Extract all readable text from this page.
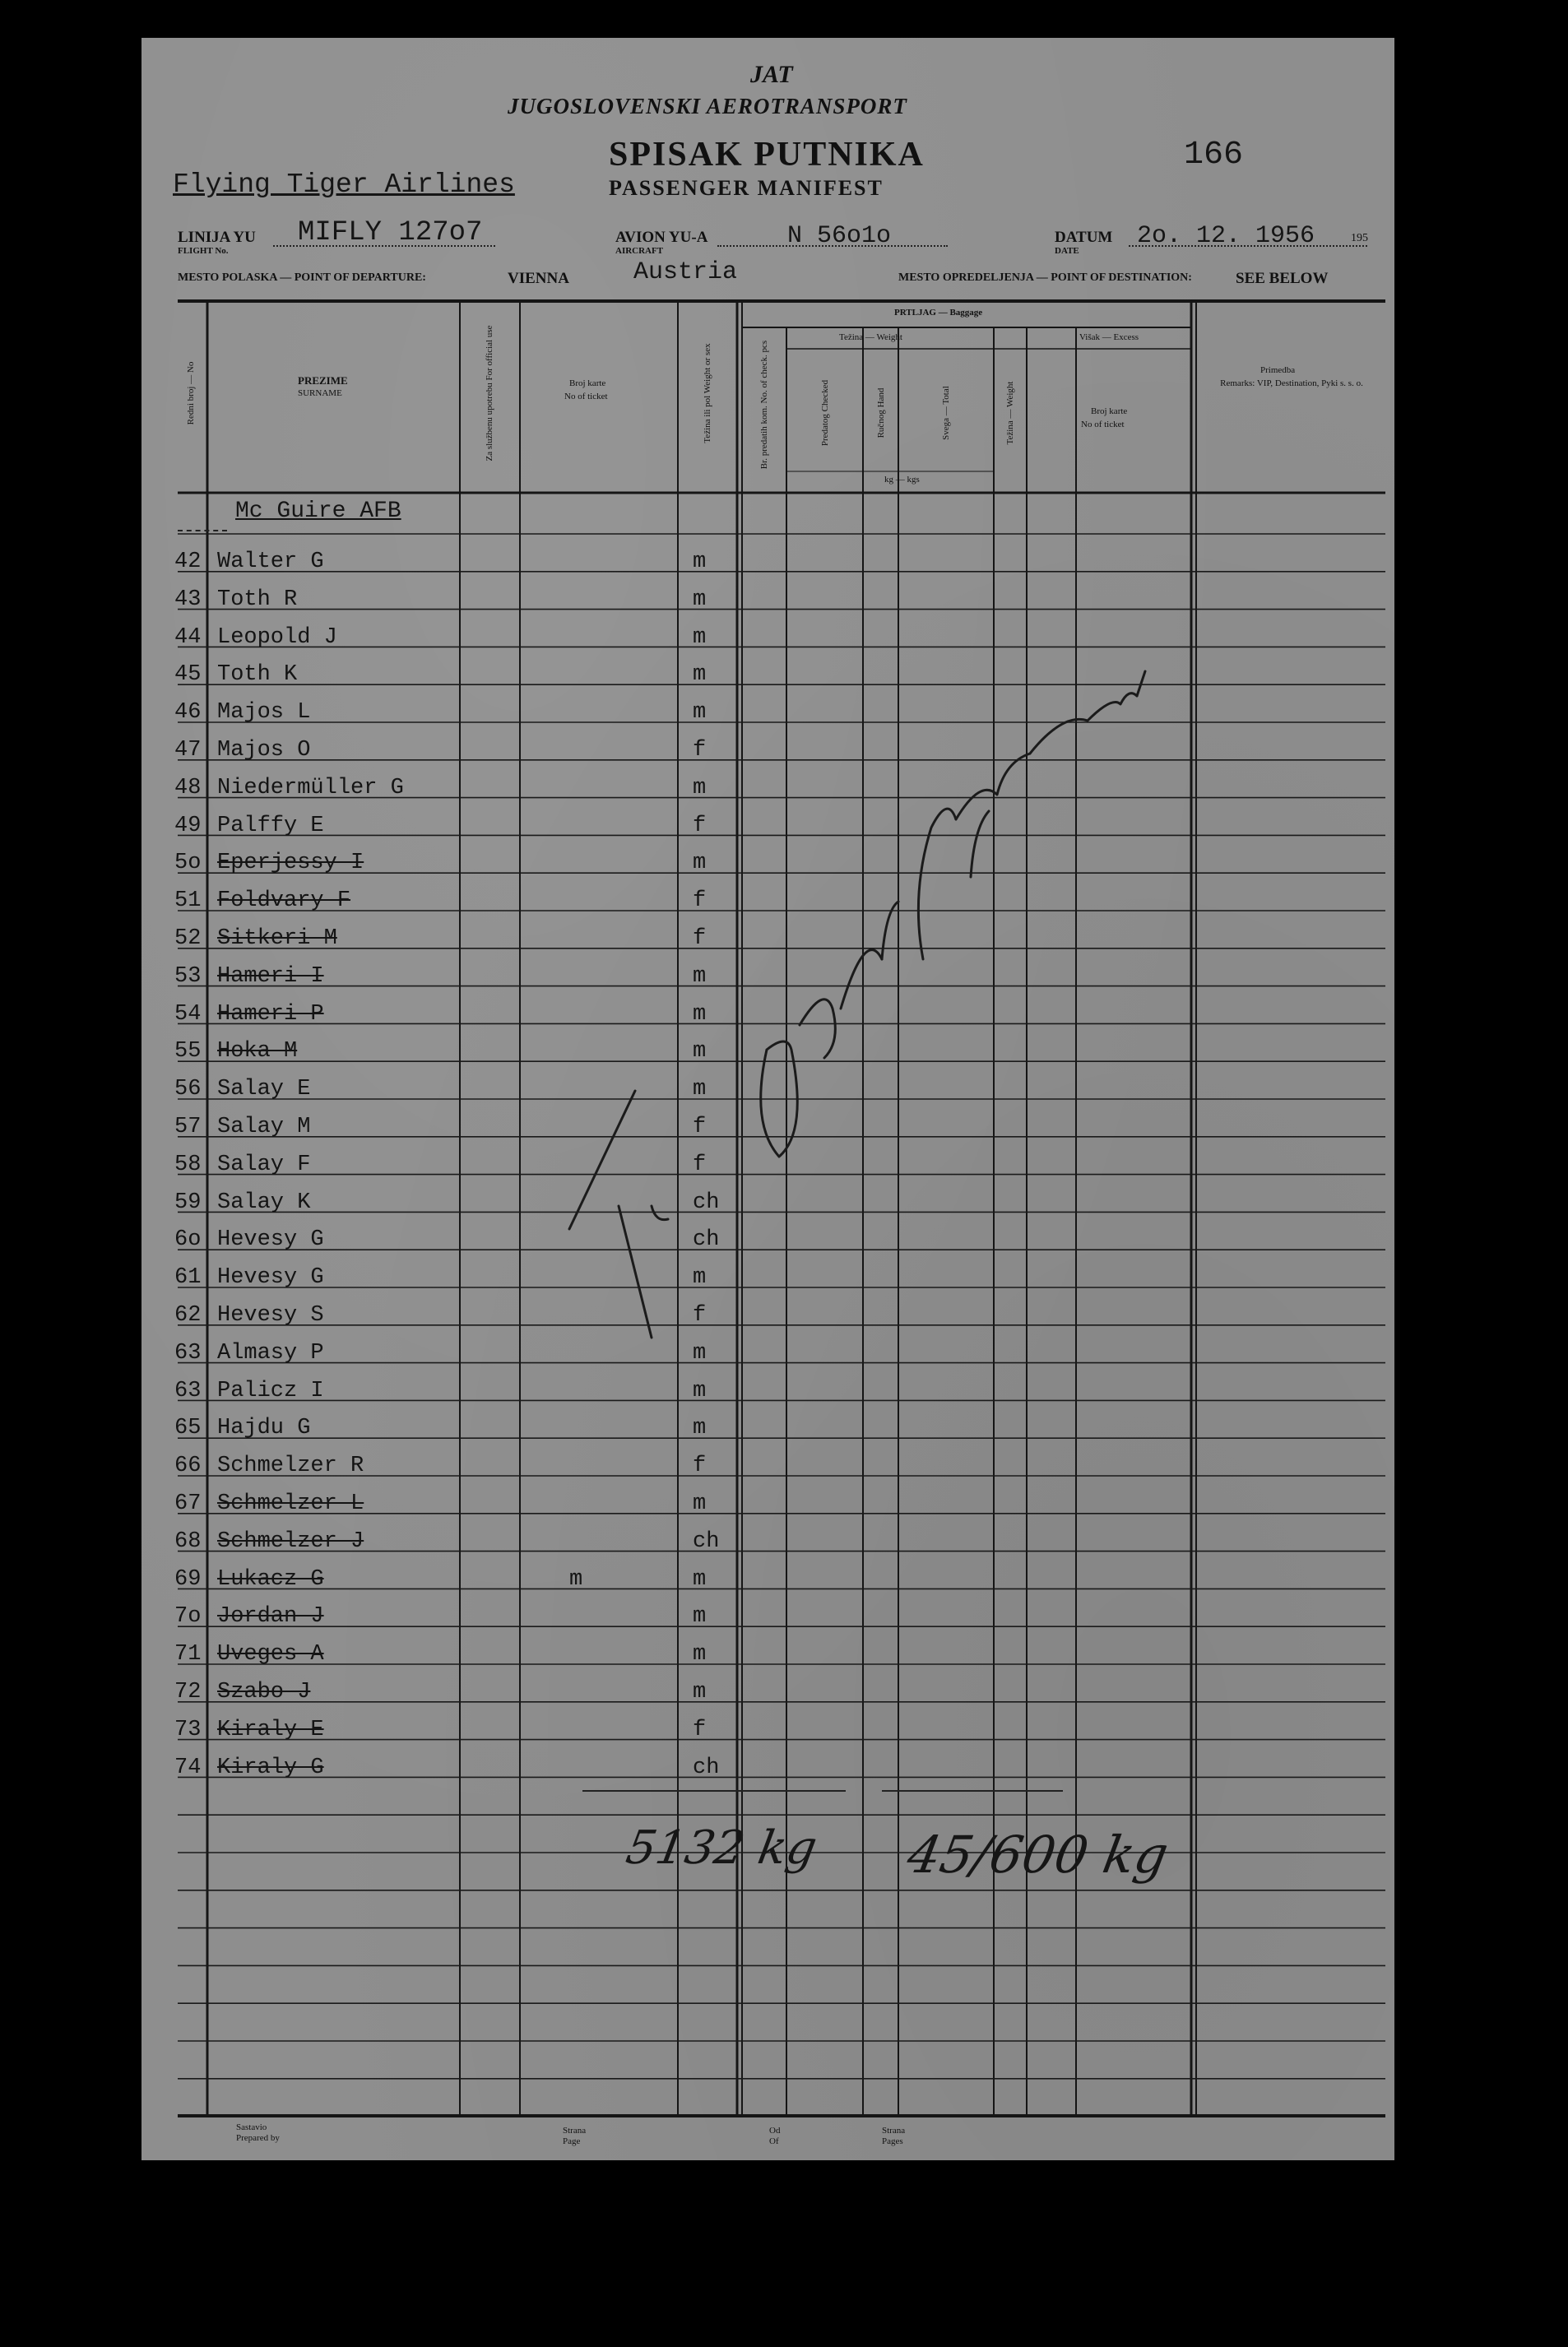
JAT
JUGOSLOVENSKI AEROTRANSPORT
SPISAK PUTNIKA
PASSENGER MANIFEST
166
Flying Tiger Airlines
LINIJA YU
FLIGHT No.
MIFLY 127o7	AVION YU-A
AIRCRAFT
N 56o1o	DATUM
DATE
2o. 12. 1956	195
MESTO POLASKA — POINT OF DEPARTURE:	VIENNA	Austria	MESTO OPREDELJENJA — POINT OF DESTINATION:	SEE BELOW
Redni broj — No	PREZIME
SURNAME	Za službenu upotrebu For official use	Broj karte
No of ticket	Težina ili pol Weight or sex
PRTLJAG — Baggage
Težina — Weight	Višak — Excess
Br. predatih kom. No. of check. pcs	Predatog Checked	Ručnog Hand	Svega — Total
kg — kgs
Težina — Weight	Broj karte
No of ticket
Primedba
Remarks: VIP, Destination, Pyki s. s. o.
Mc Guire AFB
42 Walter G	m
43 Toth R	m
44 Leopold J	m
45 Toth K	m
46 Majos L	m
47 Majos O	f
48 Niedermüller G	m
49 Palffy E	f
5o Eperjessy I	m
51 Foldvary F	f
52 Sitkeri M	f
53 Hameri I	m
54 Hameri P	m
55 Hoka M	m
56 Salay E	m
57 Salay M	f
58 Salay F	f
59 Salay K	ch
6o Hevesy G	ch
61 Hevesy G	m
62 Hevesy S	f
63 Almasy P	m
63 Palicz I	m
65 Hajdu G	m
66 Schmelzer R	f
67 Schmelzer L	m
68 Schmelzer J	ch
69 Lukacz G	m	m
7o Jordan J	m
71 Uveges A	m
72 Szabo J	m
73 Kiraly E	f
74 Kiraly G	ch
5132 kg 45/600 kg
Sastavio
Prepared by
Strana
Page
Od
Of
Strana
Pages
